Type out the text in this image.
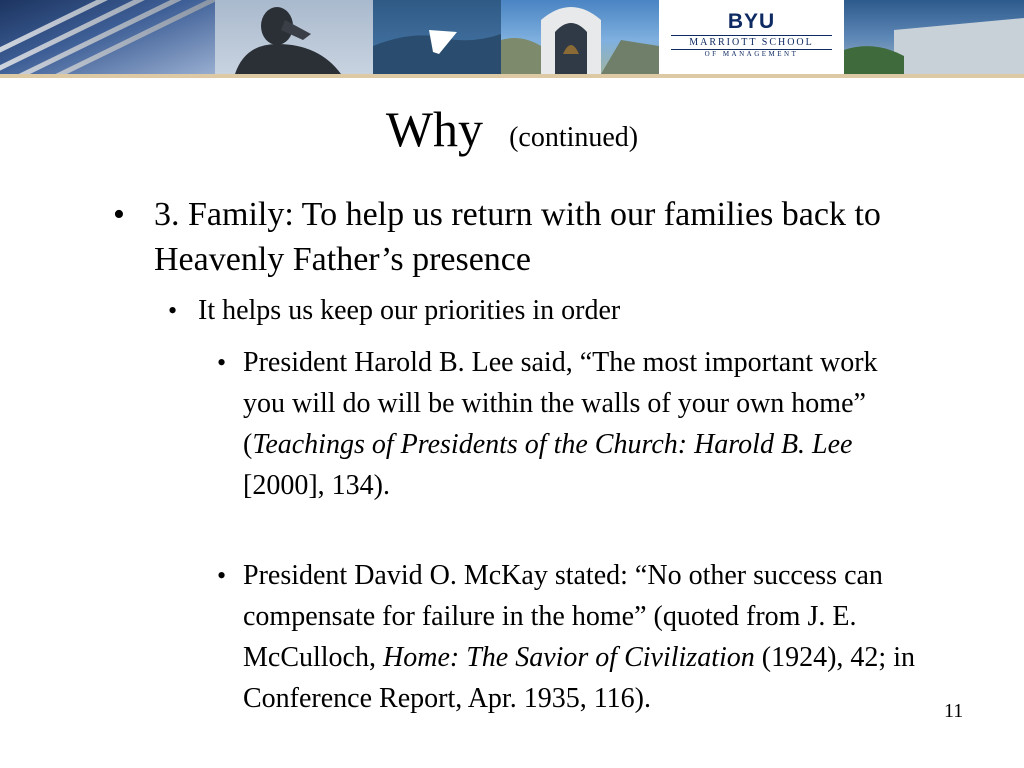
BYU
MARRIOTT SCHOOL
OF MANAGEMENT
Why (continued)
• 3. Family: To help us return with our families back to Heavenly Father’s presence
• It helps us keep our priorities in order
• President Harold B. Lee said, “The most important work you will do will be within the walls of your own home” (Teachings of Presidents of the Church: Harold B. Lee [2000], 134).
• President David O. McKay stated: “No other success can compensate for failure in the home” (quoted from J. E. McCulloch, Home: The Savior of Civilization (1924), 42; in Conference Report, Apr. 1935, 116).	11
